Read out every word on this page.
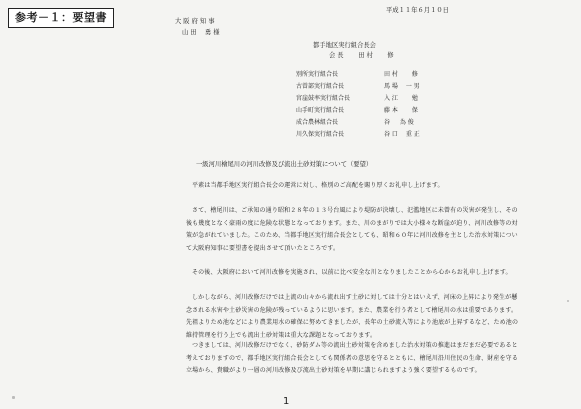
参考－１：要望書
平成１１年６月１０日
大 阪 府 知 事
山 田　 勇 様
都手地区実行組合長会
会 長　　 田 村　　 修
別所実行組合長	田 村　　 修
古曽部実行組合長	馬 場　 一 男
宮崖鼓率実行組合長	入 江　　 勉
山手町実行組合長	藤 本　　 保
成合農林組合長	谷 　 為 俊
川久保実行組合長	谷 口　 重 正
一級河川檜尾川の河川改修及び流出土砂対策について（要望）
平素は当都手地区実行組合長会の運営に対し、格別のご高配を賜り厚くお礼申し上げます。
さて、檜尾川は、ご承知の通り昭和２８年の１３号台風により堤防が決壊し、氾濫地区に未曾有の災害が発生し、その後も幾度となく豪雨の度に危険な状態となっております。また、川のまがりでは大小様々な断崖が迫り、河川改修等の対策が急がれていました。このため、当都手地区実行組合長会としても、昭和６０年に河川改修を主とした治水対策について大阪府知事に要望書を提出させて頂いたところです。
その後、大阪府において河川改修を実施され、以前に比べ安全な川となりましたことから心からお礼申し上げます。
しかしながら、河川改修だけでは上流の山々から流れ出す土砂に対しては十分とはいえず、河床の上昇により発生が懸念される水害や土砂災害の危険が残っているように思います。また、農業を行う者として檜尾川の水は重要であります。先祖よりため池などにより農業用水の確保に努めてきましたが、長年の土砂流入等により池底が上昇するなど、ため池の維持管理を行う上でも流出土砂対策は重大な課題となっております。
つきましては、河川改修だけでなく、砂防ダム等の流出土砂対策を含めました治水対策の推進はまだまだ必要であると考えておりますので、都手地区実行組合長会としても関係者の意思を守るとともに、檜尾川沿川住民の生命、財産を守る立場から、貴職がより一層の河川改修及び流出土砂対策を早期に講じられますよう強く要望するものです。
1
